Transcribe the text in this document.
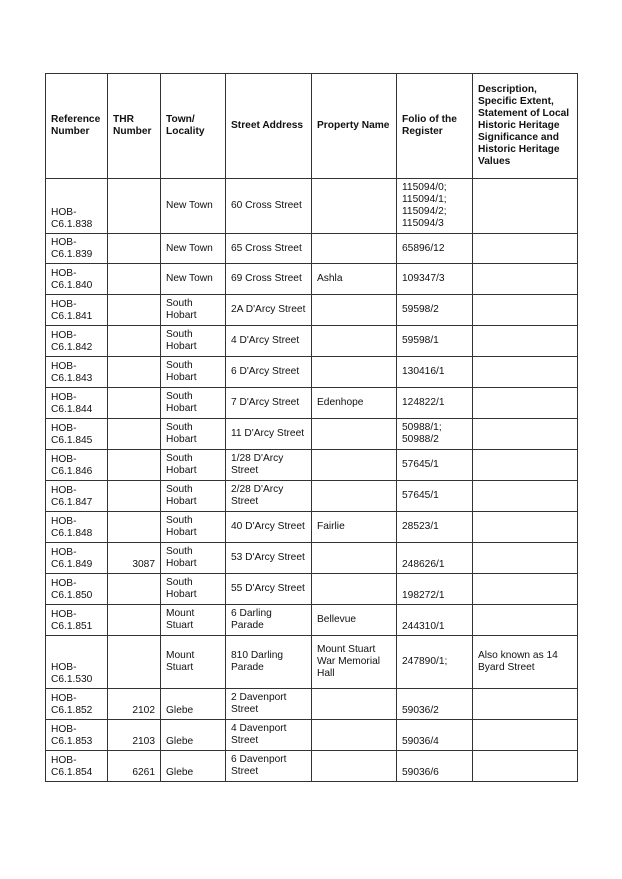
Reference Number	THR Number	Town/ Locality	Street Address	Property Name	Folio of the Register	Description, Specific Extent, Statement of Local Historic Heritage Significance and Historic Heritage Values
HOB-C6.1.838		New Town	60 Cross Street		115094/0; 115094/1; 115094/2; 115094/3	
HOB-C6.1.839		New Town	65 Cross Street		65896/12	
HOB-C6.1.840		New Town	69 Cross Street	Ashla	109347/3	
HOB-C6.1.841		South Hobart	2A D'Arcy Street		59598/2	
HOB-C6.1.842		South Hobart	4 D'Arcy Street		59598/1	
HOB-C6.1.843		South Hobart	6 D'Arcy Street		130416/1	
HOB-C6.1.844		South Hobart	7 D'Arcy Street	Edenhope	124822/1	
HOB-C6.1.845		South Hobart	11 D'Arcy Street		50988/1; 50988/2	
HOB-C6.1.846		South Hobart	1/28 D'Arcy Street		57645/1	
HOB-C6.1.847		South Hobart	2/28 D'Arcy Street		57645/1	
HOB-C6.1.848		South Hobart	40 D'Arcy Street	Fairlie	28523/1	
HOB-C6.1.849	3087	South Hobart	53 D'Arcy Street		248626/1	
HOB-C6.1.850		South Hobart	55 D'Arcy Street		198272/1	
HOB-C6.1.851		Mount Stuart	6 Darling Parade	Bellevue	244310/1	
HOB-C6.1.530		Mount Stuart	810 Darling Parade	Mount Stuart War Memorial Hall	247890/1;	Also known as 14 Byard Street
HOB-C6.1.852	2102	Glebe	2 Davenport Street		59036/2	
HOB-C6.1.853	2103	Glebe	4 Davenport Street		59036/4	
HOB-C6.1.854	6261	Glebe	6 Davenport Street		59036/6	
